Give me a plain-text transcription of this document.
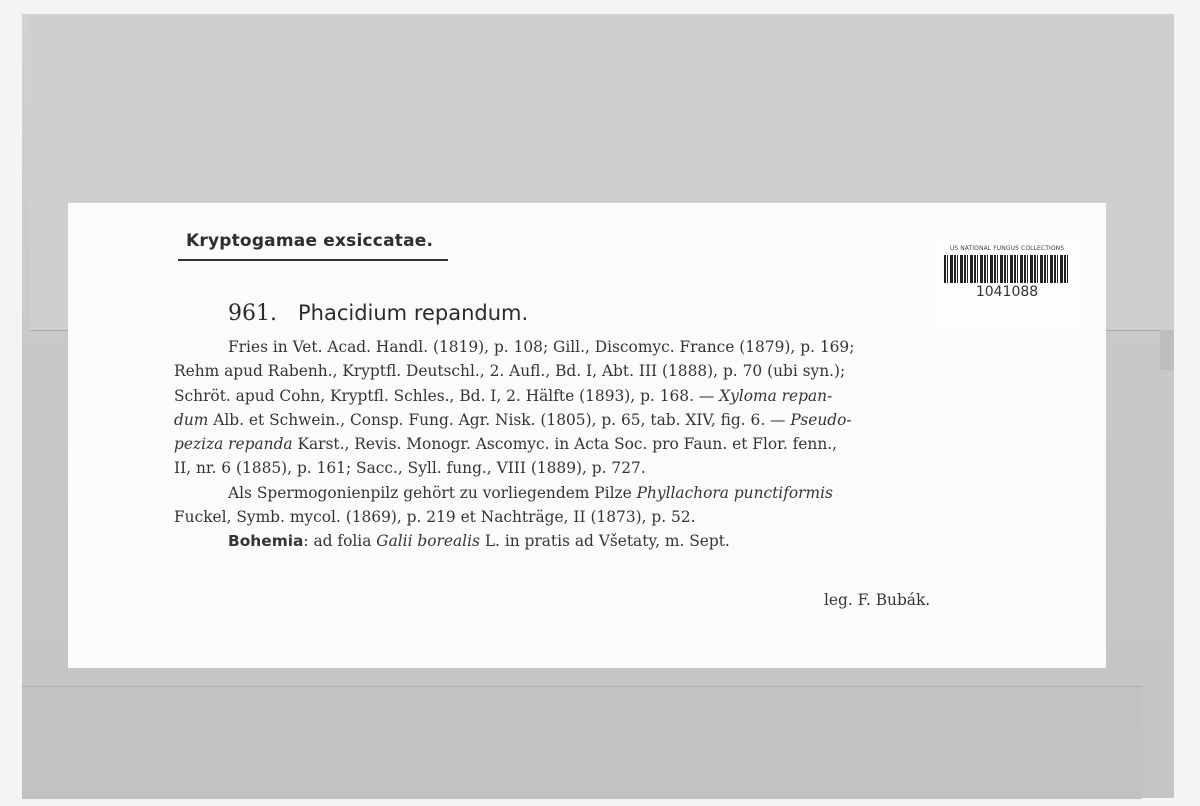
Kryptogamae exsiccatae.	US NATIONAL FUNGUS COLLECTIONS
1041088
961. Phacidium repandum.
Fries in Vet. Acad. Handl. (1819), p. 108; Gill., Discomyc. France (1879), p. 169;
Rehm apud Rabenh., Kryptfl. Deutschl., 2. Aufl., Bd. I, Abt. III (1888), p. 70 (ubi syn.);
Schröt. apud Cohn, Kryptfl. Schles., Bd. I, 2. Hälfte (1893), p. 168. — Xyloma repan-
dum Alb. et Schwein., Consp. Fung. Agr. Nisk. (1805), p. 65, tab. XIV, fig. 6. — Pseudo-
peziza repanda Karst., Revis. Monogr. Ascomyc. in Acta Soc. pro Faun. et Flor. fenn.,
II, nr. 6 (1885), p. 161; Sacc., Syll. fung., VIII (1889), p. 727.
Als Spermogonienpilz gehört zu vorliegendem Pilze Phyllachora punctiformis
Fuckel, Symb. mycol. (1869), p. 219 et Nachträge, II (1873), p. 52.
Bohemia: ad folia Galii borealis L. in pratis ad Všetaty, m. Sept.
leg. F. Bubák.
